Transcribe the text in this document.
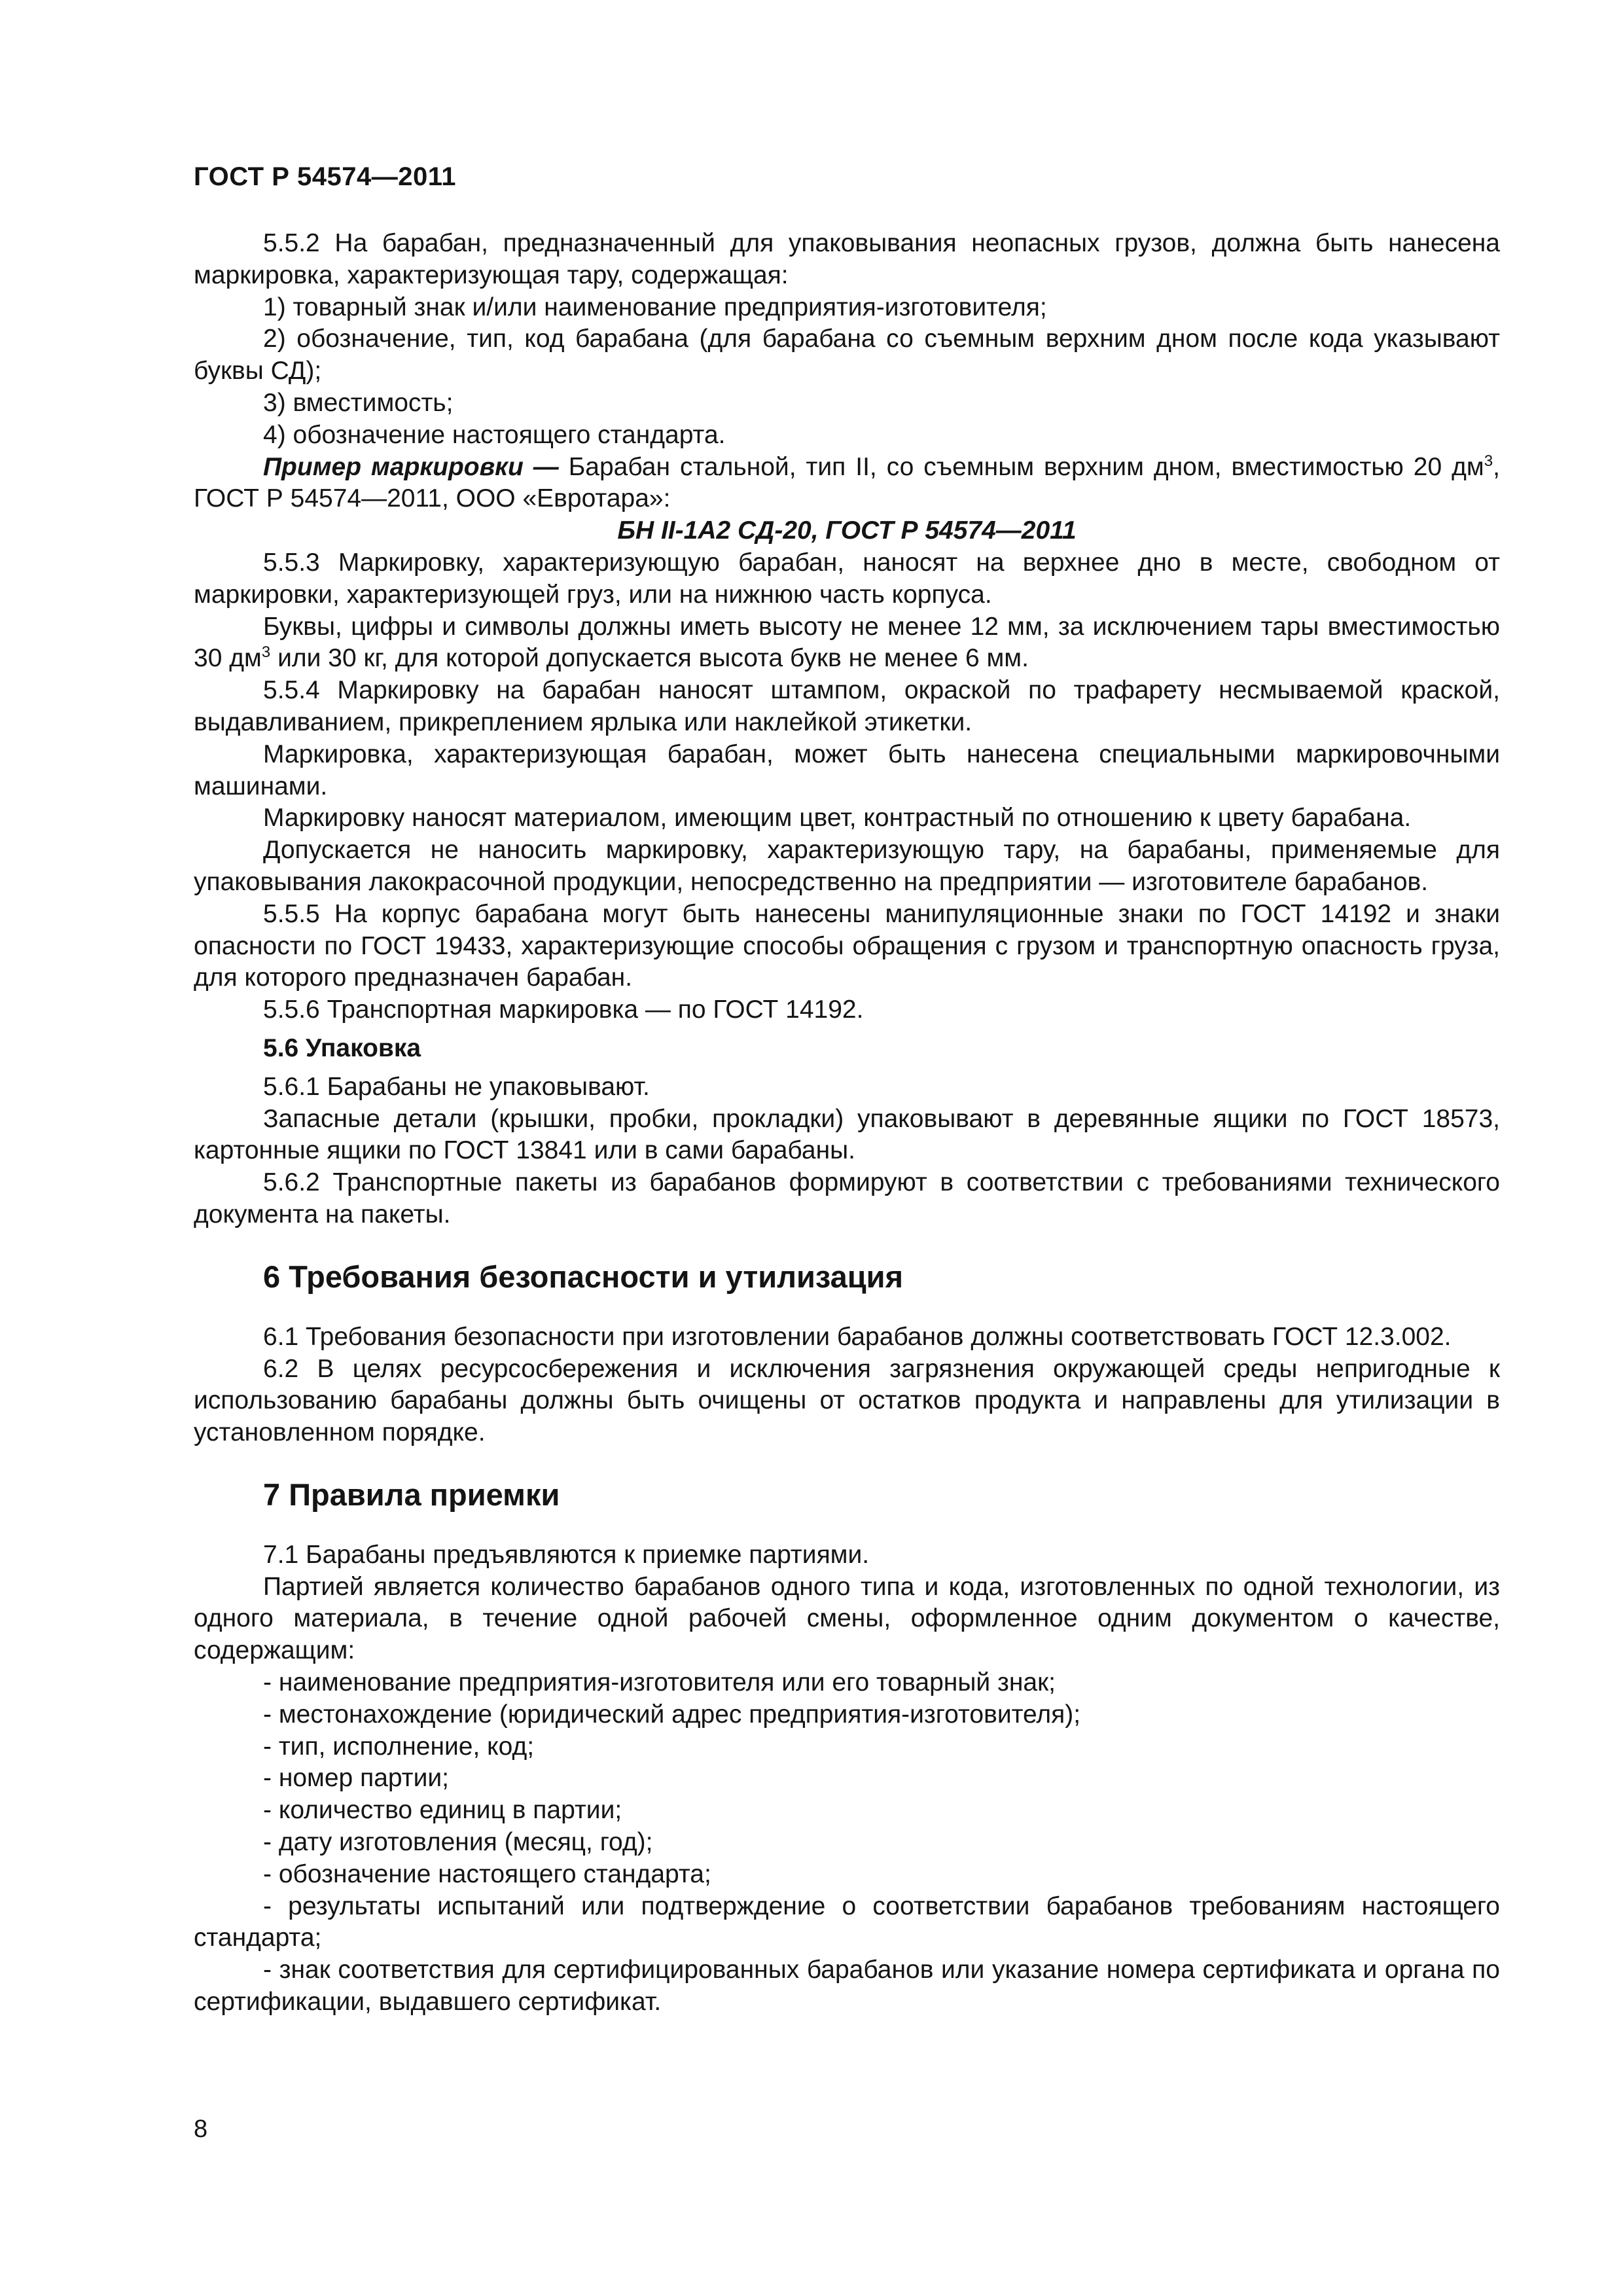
ГОСТ Р 54574—2011

5.5.2 На барабан, предназначенный для упаковывания неопасных грузов, должна быть нанесена маркировка, характеризующая тару, содержащая:

1) товарный знак и/или наименование предприятия-изготовителя;

2) обозначение, тип, код барабана (для барабана со съемным верхним дном после кода указывают буквы СД);

3) вместимость;

4) обозначение настоящего стандарта.

Пример маркировки — Барабан стальной, тип II, со съемным верхним дном, вместимостью 20 $дм^3$, ГОСТ Р 54574—2011, ООО «Евротара»:

БН II-1А2 СД-20, ГОСТ Р 54574—2011

5.5.3 Маркировку, характеризующую барабан, наносят на верхнее дно в месте, свободном от маркировки, характеризующей груз, или на нижнюю часть корпуса.

Буквы, цифры и символы должны иметь высоту не менее 12 мм, за исключением тары вместимостью 30 $дм^3$ или 30 кг, для которой допускается высота букв не менее 6 мм.

5.5.4 Маркировку на барабан наносят штампом, окраской по трафарету несмываемой краской, выдавливанием, прикреплением ярлыка или наклейкой этикетки.

Маркировка, характеризующая барабан, может быть нанесена специальными маркировочными машинами.

Маркировку наносят материалом, имеющим цвет, контрастный по отношению к цвету барабана.

Допускается не наносить маркировку, характеризующую тару, на барабаны, применяемые для упаковывания лакокрасочной продукции, непосредственно на предприятии — изготовителе барабанов.

5.5.5 На корпус барабана могут быть нанесены манипуляционные знаки по ГОСТ 14192 и знаки опасности по ГОСТ 19433, характеризующие способы обращения с грузом и транспортную опасность груза, для которого предназначен барабан.

5.5.6 Транспортная маркировка — по ГОСТ 14192.

5.6 Упаковка

5.6.1 Барабаны не упаковывают.

Запасные детали (крышки, пробки, прокладки) упаковывают в деревянные ящики по ГОСТ 18573, картонные ящики по ГОСТ 13841 или в сами барабаны.

5.6.2 Транспортные пакеты из барабанов формируют в соответствии с требованиями технического документа на пакеты.

6 Требования безопасности и утилизация

6.1 Требования безопасности при изготовлении барабанов должны соответствовать ГОСТ 12.3.002.

6.2 В целях ресурсосбережения и исключения загрязнения окружающей среды непригодные к использованию барабаны должны быть очищены от остатков продукта и направлены для утилизации в установленном порядке.

7 Правила приемки

7.1 Барабаны предъявляются к приемке партиями.

Партией является количество барабанов одного типа и кода, изготовленных по одной технологии, из одного материала, в течение одной рабочей смены, оформленное одним документом о качестве, содержащим:

- наименование предприятия-изготовителя или его товарный знак;

- местонахождение (юридический адрес предприятия-изготовителя);

- тип, исполнение, код;

- номер партии;

- количество единиц в партии;

- дату изготовления (месяц, год);

- обозначение настоящего стандарта;

- результаты испытаний или подтверждение о соответствии барабанов требованиям настоящего стандарта;

- знак соответствия для сертифицированных барабанов или указание номера сертификата и органа по сертификации, выдавшего сертификат.

8
